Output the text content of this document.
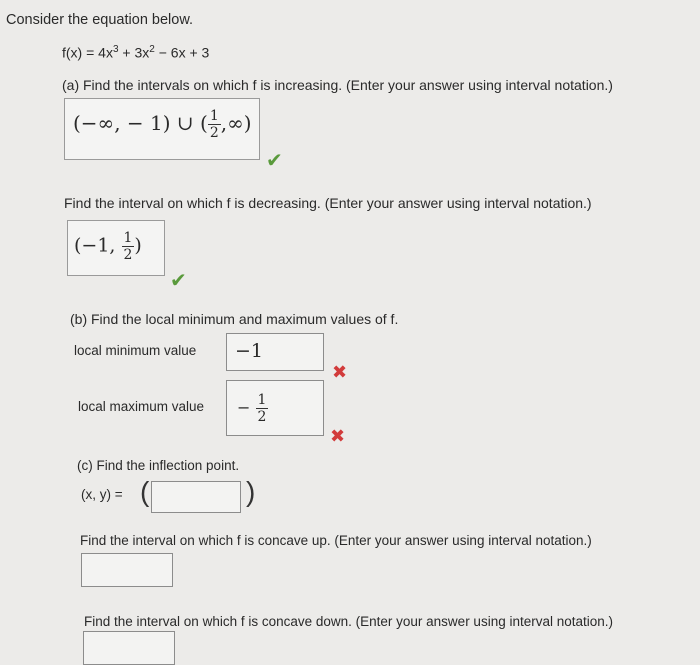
Consider the equation below.
$f(x) = 4x^3 + 3x^2 - 6x + 3$
(a) Find the intervals on which f is increasing. (Enter your answer using interval notation.)
(−∞, − 1) ∪ ( $\frac{1}{2}$ ,∞)
✔
Find the interval on which f is decreasing. (Enter your answer using interval notation.)
(−1, $\frac{1}{2}$ )
✔
(b) Find the local minimum and maximum values of f.
local minimum value −1
✖
local maximum value − $\frac{1}{2}$
✖
(c) Find the inflection point.
(x, y) = (	)
Find the interval on which f is concave up. (Enter your answer using interval notation.)
Find the interval on which f is concave down. (Enter your answer using interval notation.)
